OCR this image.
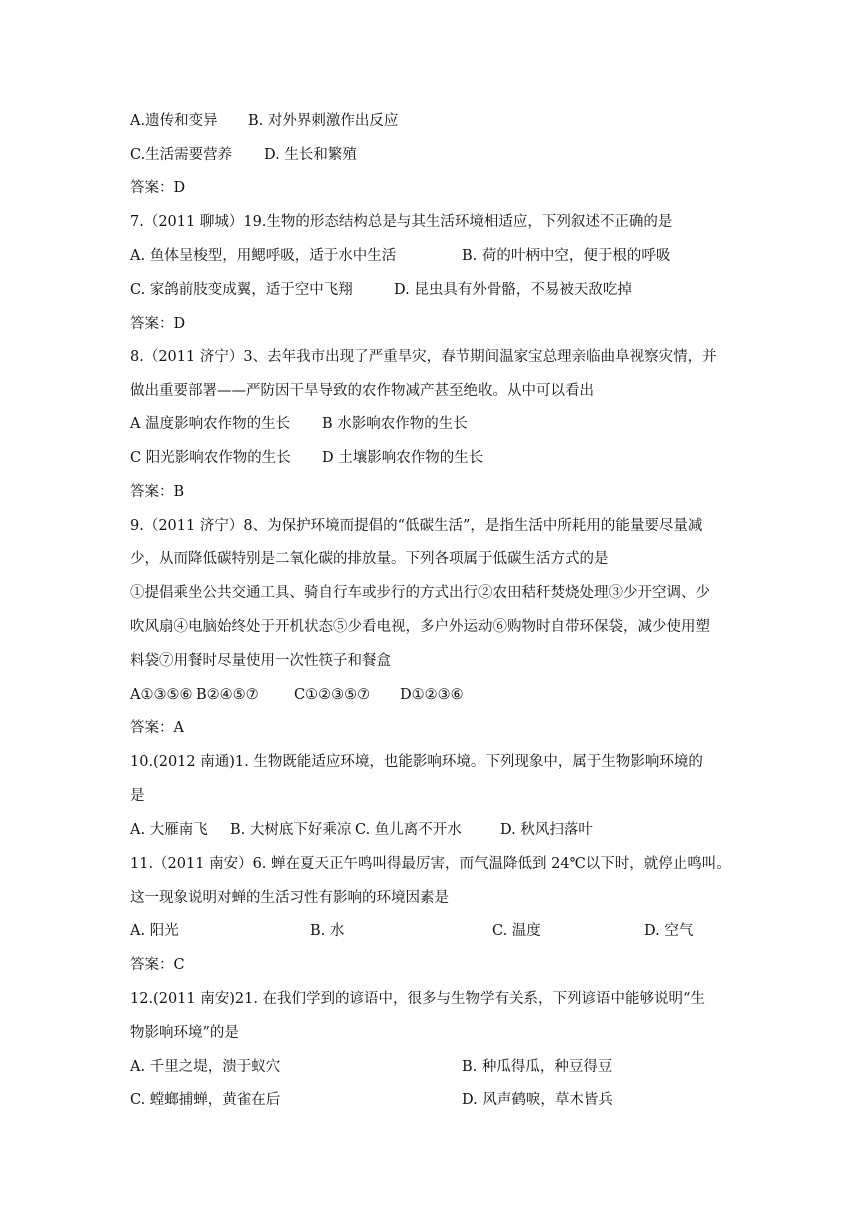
A.遗传和变异 B. 对外界刺激作出反应
C.生活需要营养 D. 生长和繁殖
答案：D
7.（2011 聊城）19.生物的形态结构总是与其生活环境相适应，下列叙述不正确的是
A. 鱼体呈梭型，用鳃呼吸，适于水中生活	B. 荷的叶柄中空，便于根的呼吸
C. 家鸽前肢变成翼，适于空中飞翔	D. 昆虫具有外骨骼，不易被天敌吃掉
答案：D
8.（2011 济宁）3、去年我市出现了严重旱灾，春节期间温家宝总理亲临曲阜视察灾情，并
做出重要部署——严防因干旱导致的农作物减产甚至绝收。从中可以看出
A 温度影响农作物的生长 B 水影响农作物的生长
C 阳光影响农作物的生长 D 土壤影响农作物的生长
答案：B
9.（2011 济宁）8、为保护环境而提倡的“低碳生活”，是指生活中所耗用的能量要尽量减
少，从而降低碳特别是二氧化碳的排放量。下列各项属于低碳生活方式的是
①提倡乘坐公共交通工具、骑自行车或步行的方式出行②农田秸秆焚烧处理③少开空调、少
吹风扇④电脑始终处于开机状态⑤少看电视，多户外运动⑥购物时自带环保袋，减少使用塑
料袋⑦用餐时尽量使用一次性筷子和餐盒
A①③⑤⑥ B②④⑤⑦ C①②③⑤⑦ D①②③⑥
答案：A
10.(2012 南通)1. 生物既能适应环境，也能影响环境。下列现象中，属于生物影响环境的
是
A. 大雁南飞 B. 大树底下好乘凉 C. 鱼儿离不开水	D. 秋风扫落叶
11.（2011 南安）6. 蝉在夏天正午鸣叫得最厉害，而气温降低到 24℃以下时，就停止鸣叫。
这一现象说明对蝉的生活习性有影响的环境因素是
A. 阳光	B. 水	C. 温度	D. 空气
答案：C
12.(2011 南安)21. 在我们学到的谚语中，很多与生物学有关系，下列谚语中能够说明“生
物影响环境”的是
A. 千里之堤，溃于蚁穴	B. 种瓜得瓜，种豆得豆
C. 螳螂捕蝉，黄雀在后	D. 风声鹤唳，草木皆兵
